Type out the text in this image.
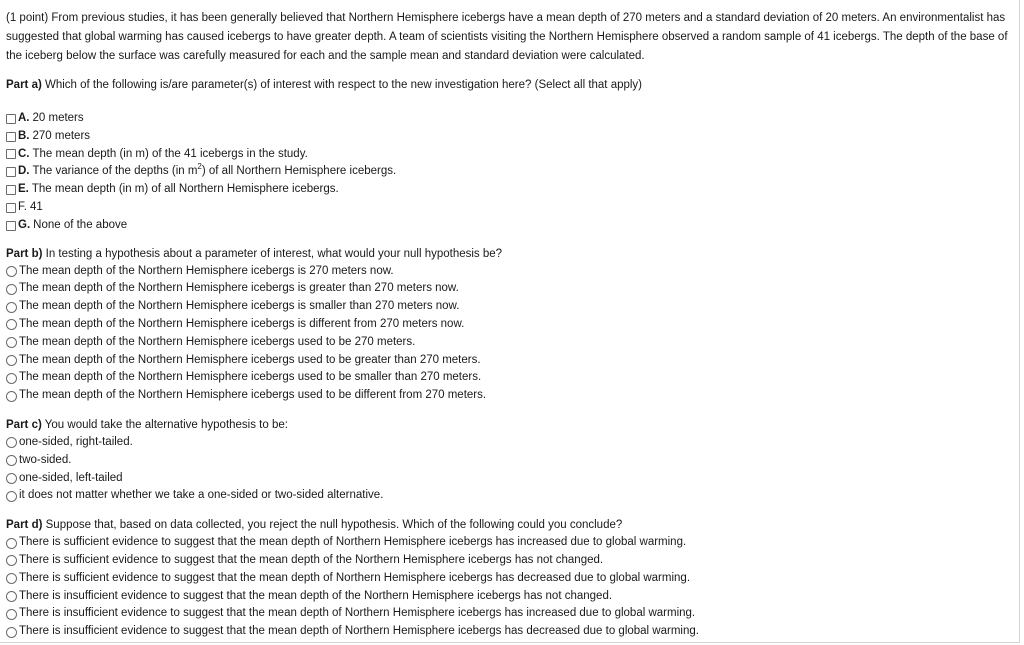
(1 point) From previous studies, it has been generally believed that Northern Hemisphere icebergs have a mean depth of 270 meters and a standard deviation of 20 meters. An environmentalist has suggested that global warming has caused icebergs to have greater depth. A team of scientists visiting the Northern Hemisphere observed a random sample of 41 icebergs. The depth of the base of the iceberg below the surface was carefully measured for each and the sample mean and standard deviation were calculated.

Part a) Which of the following is/are parameter(s) of interest with respect to the new investigation here? (Select all that apply)

A. 20 meters
B. 270 meters
C. The mean depth (in m) of the 41 icebergs in the study.
D. The variance of the depths (in $m^2$) of all Northern Hemisphere icebergs.
E. The mean depth (in m) of all Northern Hemisphere icebergs.
F. 41
G. None of the above

Part b) In testing a hypothesis about a parameter of interest, what would your null hypothesis be?

The mean depth of the Northern Hemisphere icebergs is 270 meters now.
The mean depth of the Northern Hemisphere icebergs is greater than 270 meters now.
The mean depth of the Northern Hemisphere icebergs is smaller than 270 meters now.
The mean depth of the Northern Hemisphere icebergs is different from 270 meters now.
The mean depth of the Northern Hemisphere icebergs used to be 270 meters.
The mean depth of the Northern Hemisphere icebergs used to be greater than 270 meters.
The mean depth of the Northern Hemisphere icebergs used to be smaller than 270 meters.
The mean depth of the Northern Hemisphere icebergs used to be different from 270 meters.

Part c) You would take the alternative hypothesis to be:

one-sided, right-tailed.
two-sided.
one-sided, left-tailed
it does not matter whether we take a one-sided or two-sided alternative.

Part d) Suppose that, based on data collected, you reject the null hypothesis. Which of the following could you conclude?

There is sufficient evidence to suggest that the mean depth of Northern Hemisphere icebergs has increased due to global warming.
There is sufficient evidence to suggest that the mean depth of the Northern Hemisphere icebergs has not changed.
There is sufficient evidence to suggest that the mean depth of Northern Hemisphere icebergs has decreased due to global warming.
There is insufficient evidence to suggest that the mean depth of the Northern Hemisphere icebergs has not changed.
There is insufficient evidence to suggest that the mean depth of Northern Hemisphere icebergs has increased due to global warming.
There is insufficient evidence to suggest that the mean depth of Northern Hemisphere icebergs has decreased due to global warming.
